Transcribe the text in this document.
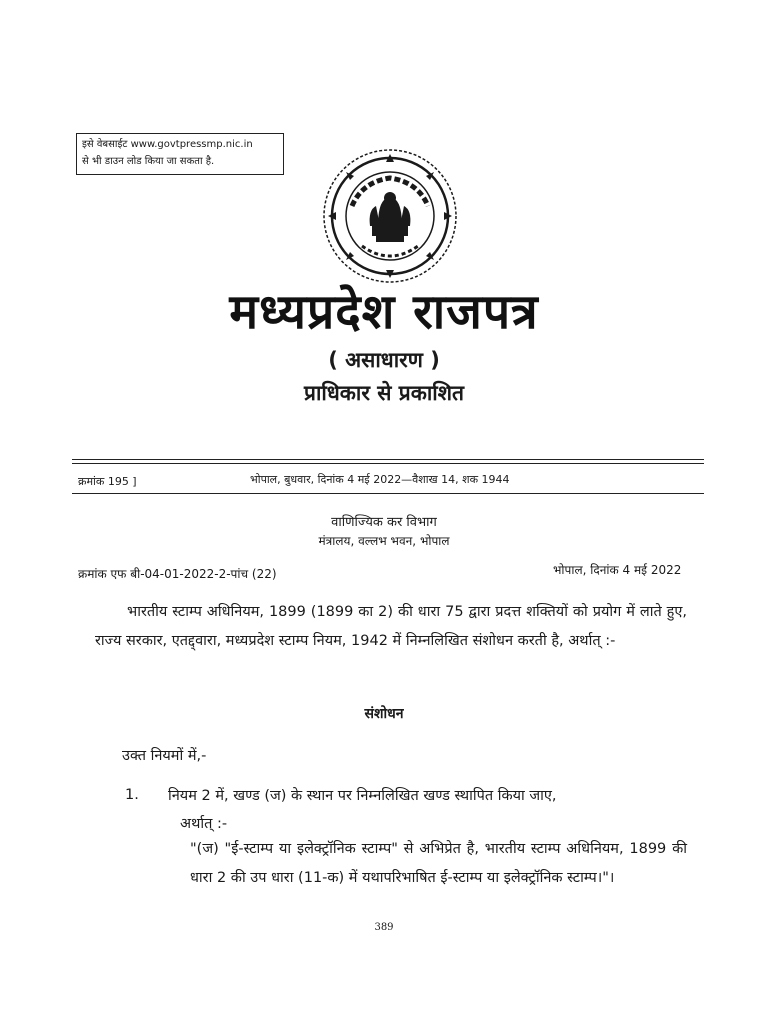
इसे वेबसाईट www.govtpressmp.nic.in
से भी डाउन लोड किया जा सकता है.
मध्यप्रदेश राजपत्र
( असाधारण )
प्राधिकार से प्रकाशित
क्रमांक 195 ]	भोपाल, बुधवार, दिनांक 4 मई 2022—वैशाख 14, शक 1944
वाणिज्यिक कर विभाग
मंत्रालय, वल्लभ भवन, भोपाल
क्रमांक एफ बी-04-01-2022-2-पांच (22)	भोपाल, दिनांक 4 मई 2022
भारतीय स्टाम्प अधिनियम, 1899 (1899 का 2) की धारा 75 द्वारा प्रदत्त शक्तियों को प्रयोग में लाते हुए, राज्य सरकार, एतद्द्वारा, मध्यप्रदेश स्टाम्प नियम, 1942 में निम्नलिखित संशोधन करती है, अर्थात् :-
संशोधन
उक्त नियमों में,-
1. नियम 2 में, खण्ड (ज) के स्थान पर निम्नलिखित खण्ड स्थापित किया जाए,
अर्थात् :-
"(ज) "ई-स्टाम्प या इलेक्ट्रॉनिक स्टाम्प" से अभिप्रेत है, भारतीय स्टाम्प अधिनियम, 1899 की धारा 2 की उप धारा (11-क) में यथापरिभाषित ई-स्टाम्प या इलेक्ट्रॉनिक स्टाम्प।"।
389
